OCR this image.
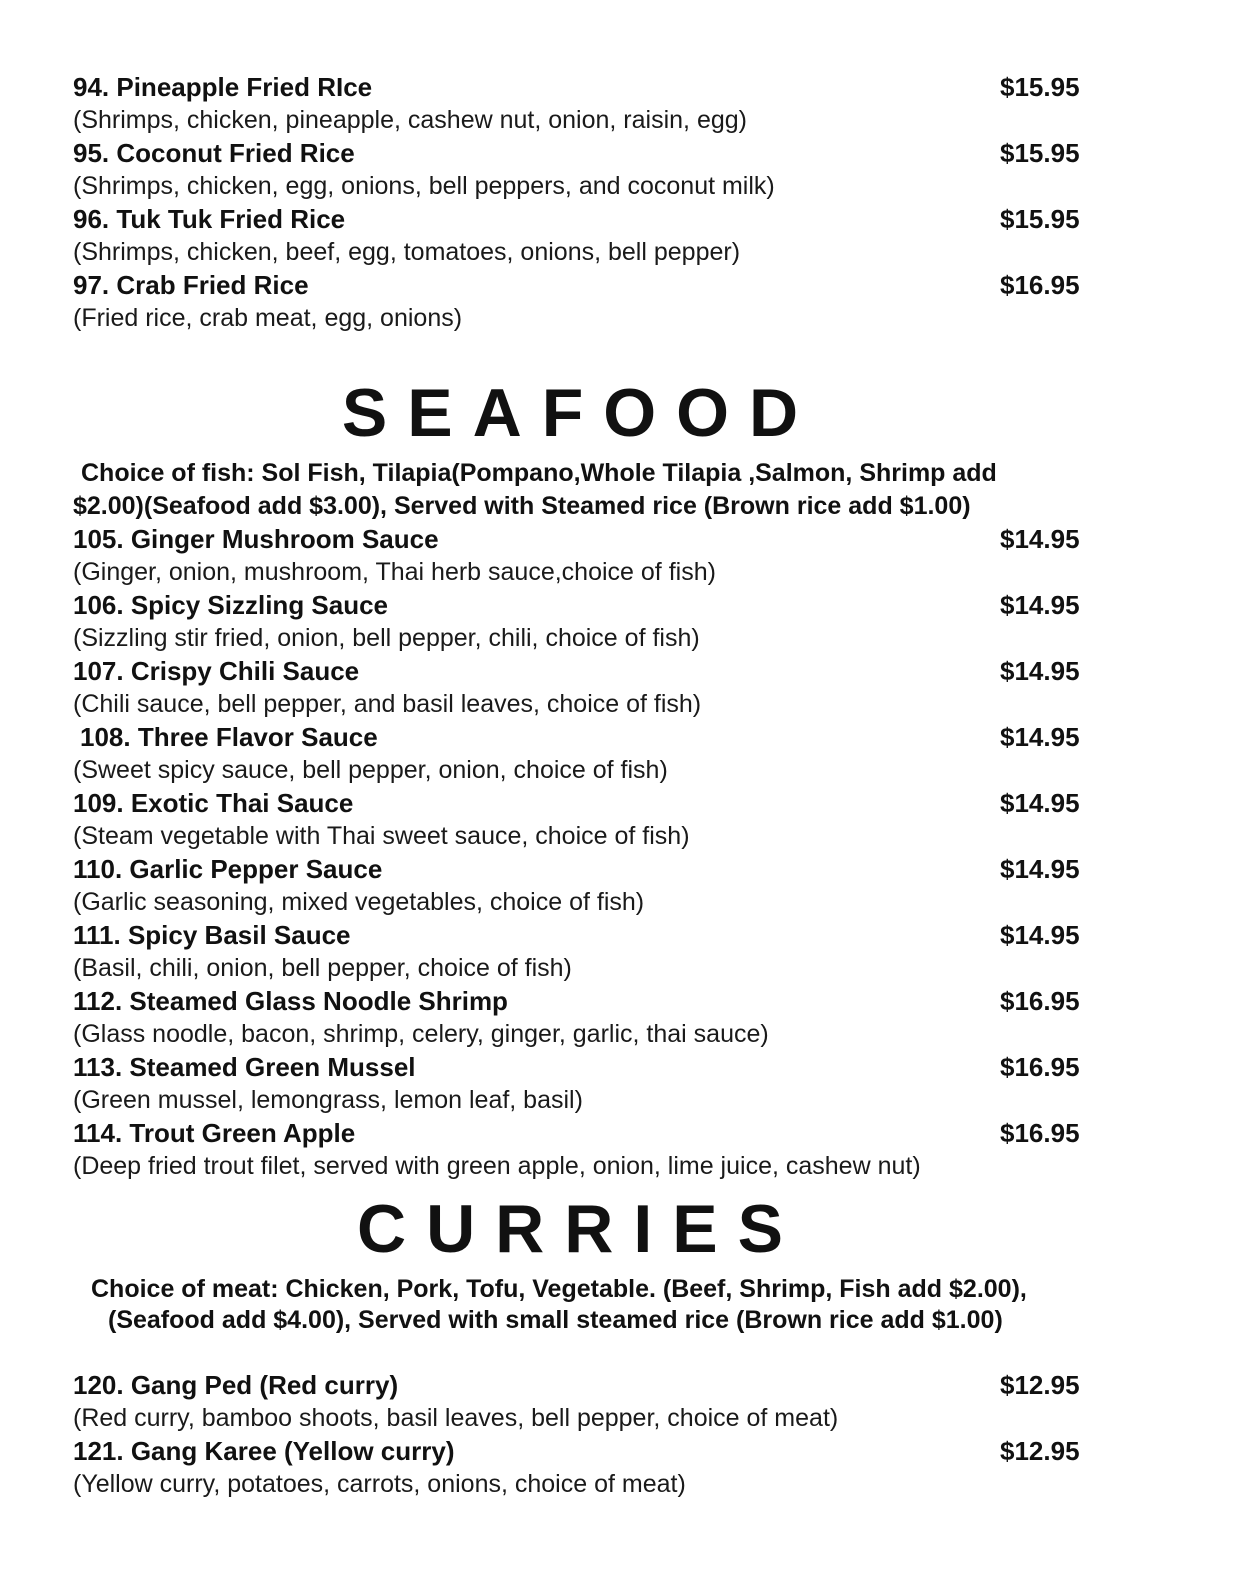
94. Pineapple Fried RIce	$15.95
(Shrimps, chicken, pineapple, cashew nut, onion, raisin, egg)
95. Coconut Fried Rice	$15.95
(Shrimps, chicken, egg, onions, bell peppers, and coconut milk)
96. Tuk Tuk Fried Rice	$15.95
(Shrimps, chicken, beef, egg, tomatoes, onions, bell pepper)
97. Crab Fried Rice	$16.95
(Fried rice, crab meat, egg, onions)
SEAFOOD
Choice of fish: Sol Fish, Tilapia(Pompano,Whole Tilapia ,Salmon, Shrimp add
$2.00)(Seafood add $3.00), Served with Steamed rice (Brown rice add $1.00)
105. Ginger Mushroom Sauce	$14.95
(Ginger, onion, mushroom, Thai herb sauce,choice of fish)
106. Spicy Sizzling Sauce	$14.95
(Sizzling stir fried, onion, bell pepper, chili, choice of fish)
107. Crispy Chili Sauce	$14.95
(Chili sauce, bell pepper, and basil leaves, choice of fish)
108. Three Flavor Sauce	$14.95
(Sweet spicy sauce, bell pepper, onion, choice of fish)
109. Exotic Thai Sauce	$14.95
(Steam vegetable with Thai sweet sauce, choice of fish)
110. Garlic Pepper Sauce	$14.95
(Garlic seasoning, mixed vegetables, choice of fish)
111. Spicy Basil Sauce	$14.95
(Basil, chili, onion, bell pepper, choice of fish)
112. Steamed Glass Noodle Shrimp	$16.95
(Glass noodle, bacon, shrimp, celery, ginger, garlic, thai sauce)
113. Steamed Green Mussel	$16.95
(Green mussel, lemongrass, lemon leaf, basil)
114. Trout Green Apple	$16.95
(Deep fried trout filet, served with green apple, onion, lime juice, cashew nut)
CURRIES
Choice of meat: Chicken, Pork, Tofu, Vegetable. (Beef, Shrimp, Fish add $2.00),
(Seafood add $4.00), Served with small steamed rice (Brown rice add $1.00)
120. Gang Ped (Red curry)	$12.95
(Red curry, bamboo shoots, basil leaves, bell pepper, choice of meat)
121. Gang Karee (Yellow curry)	$12.95
(Yellow curry, potatoes, carrots, onions, choice of meat)
